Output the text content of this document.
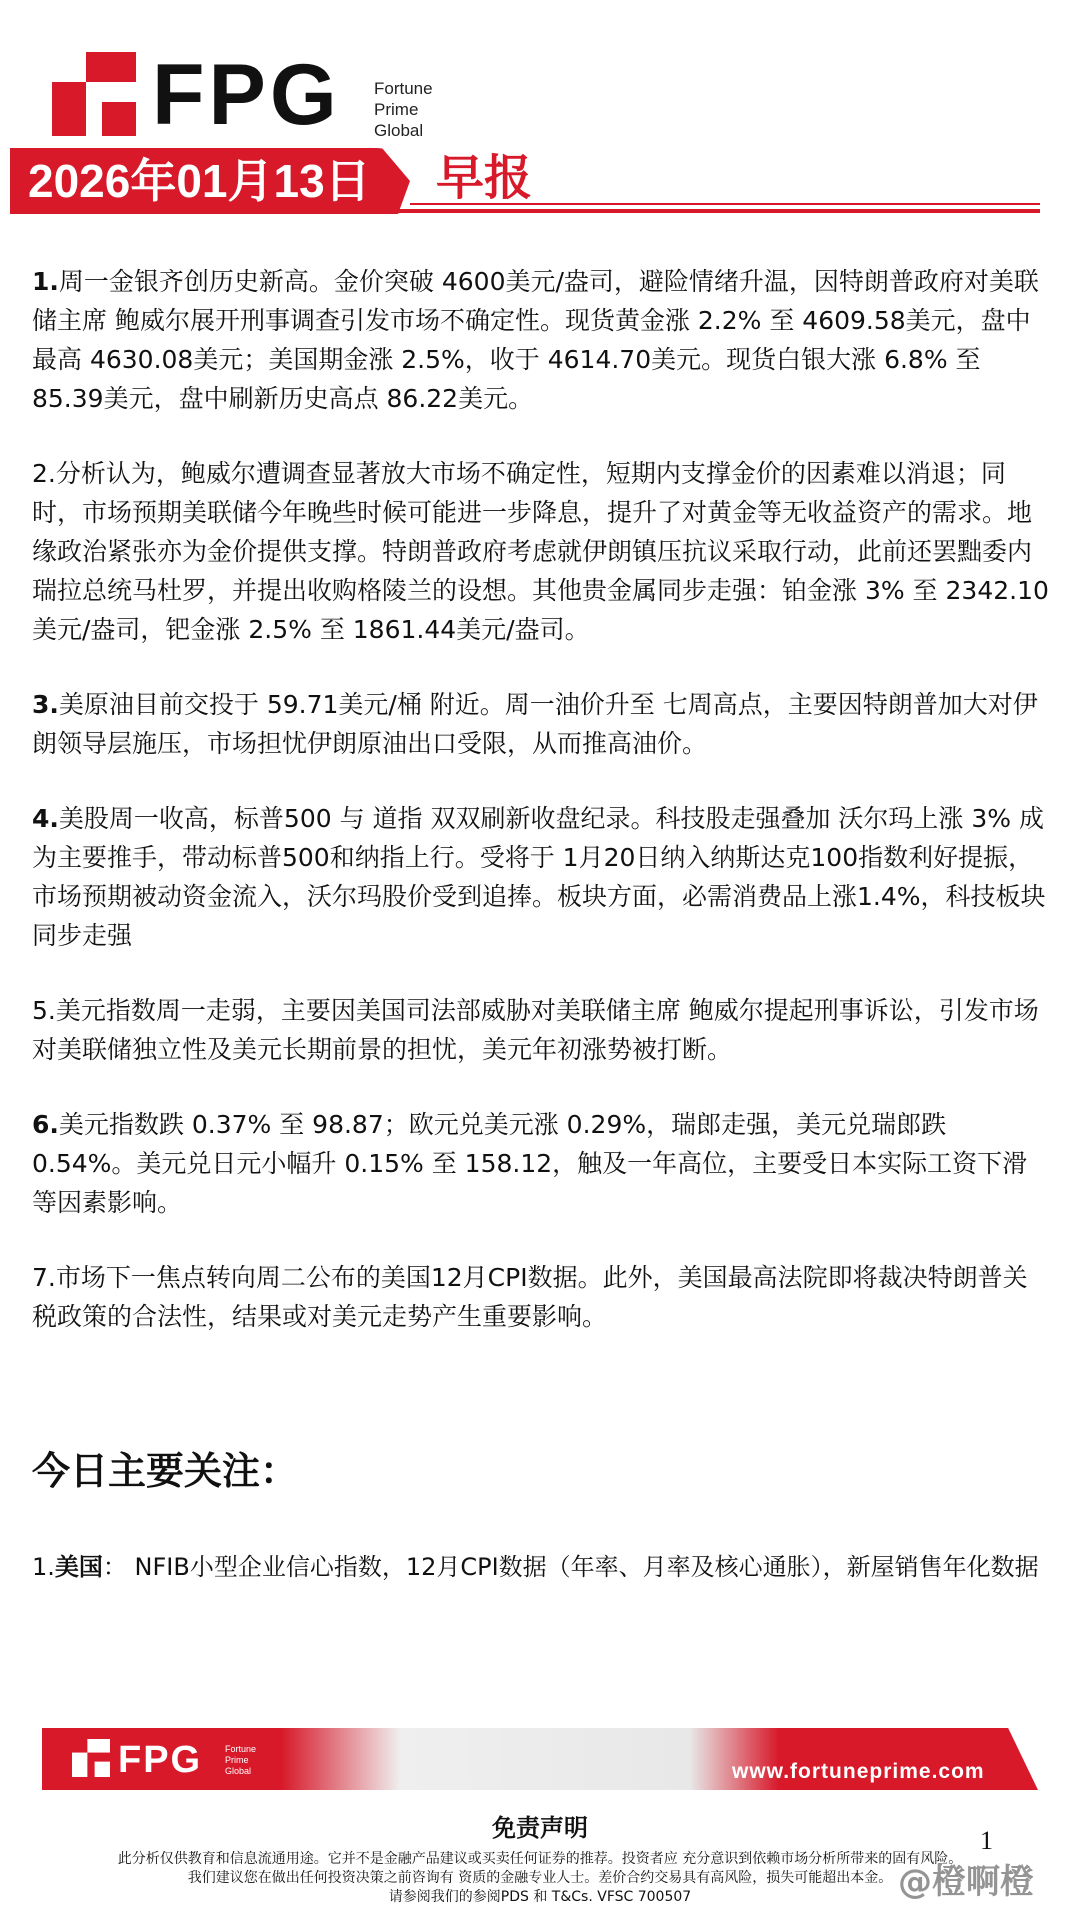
FPG Fortune
Prime
Global
2026年01月13日 早报

1.周一金银齐创历史新高。金价突破 4600美元/盎司，避险情绪升温，因特朗普政府对美联储主席 鲍威尔展开刑事调查引发市场不确定性。现货黄金涨 2.2% 至 4609.58美元，盘中最高 4630.08美元；美国期金涨 2.5%，收于 4614.70美元。现货白银大涨 6.8% 至 85.39美元，盘中刷新历史高点 86.22美元。

2.分析认为，鲍威尔遭调查显著放大市场不确定性，短期内支撑金价的因素难以消退；同时，市场预期美联储今年晚些时候可能进一步降息，提升了对黄金等无收益资产的需求。地缘政治紧张亦为金价提供支撑。特朗普政府考虑就伊朗镇压抗议采取行动，此前还罢黜委内瑞拉总统马杜罗，并提出收购格陵兰的设想。其他贵金属同步走强：铂金涨 3% 至 2342.10美元/盎司，钯金涨 2.5% 至 1861.44美元/盎司。

3.美原油目前交投于 59.71美元/桶 附近。周一油价升至 七周高点，主要因特朗普加大对伊朗领导层施压，市场担忧伊朗原油出口受限，从而推高油价。

4.美股周一收高，标普500 与 道指 双双刷新收盘纪录。科技股走强叠加 沃尔玛上涨 3% 成为主要推手，带动标普500和纳指上行。受将于 1月20日纳入纳斯达克100指数利好提振，市场预期被动资金流入，沃尔玛股价受到追捧。板块方面，必需消费品上涨1.4%，科技板块同步走强

5.美元指数周一走弱，主要因美国司法部威胁对美联储主席 鲍威尔提起刑事诉讼，引发市场对美联储独立性及美元长期前景的担忧，美元年初涨势被打断。

6.美元指数跌 0.37% 至 98.87；欧元兑美元涨 0.29%，瑞郎走强，美元兑瑞郎跌 0.54%。美元兑日元小幅升 0.15% 至 158.12，触及一年高位，主要受日本实际工资下滑等因素影响。

7.市场下一焦点转向周二公布的美国12月CPI数据。此外，美国最高法院即将裁决特朗普关税政策的合法性，结果或对美元走势产生重要影响。

今日主要关注：
1.美国： NFIB小型企业信心指数，12月CPI数据（年率、月率及核心通胀），新屋销售年化数据
FPG	Fortune
Prime
Global	www.fortuneprime.com
免责声明	1
此分析仅供教育和信息流通用途。它并不是金融产品建议或买卖任何证券的推荐。投资者应 充分意识到依赖市场分析所带来的固有风险。
我们建议您在做出任何投资决策之前咨询有 资质的金融专业人士。差价合约交易具有高风险，损失可能超出本金。
请参阅我们的参阅PDS 和 T&Cs. VFSC 700507	@橙啊橙
